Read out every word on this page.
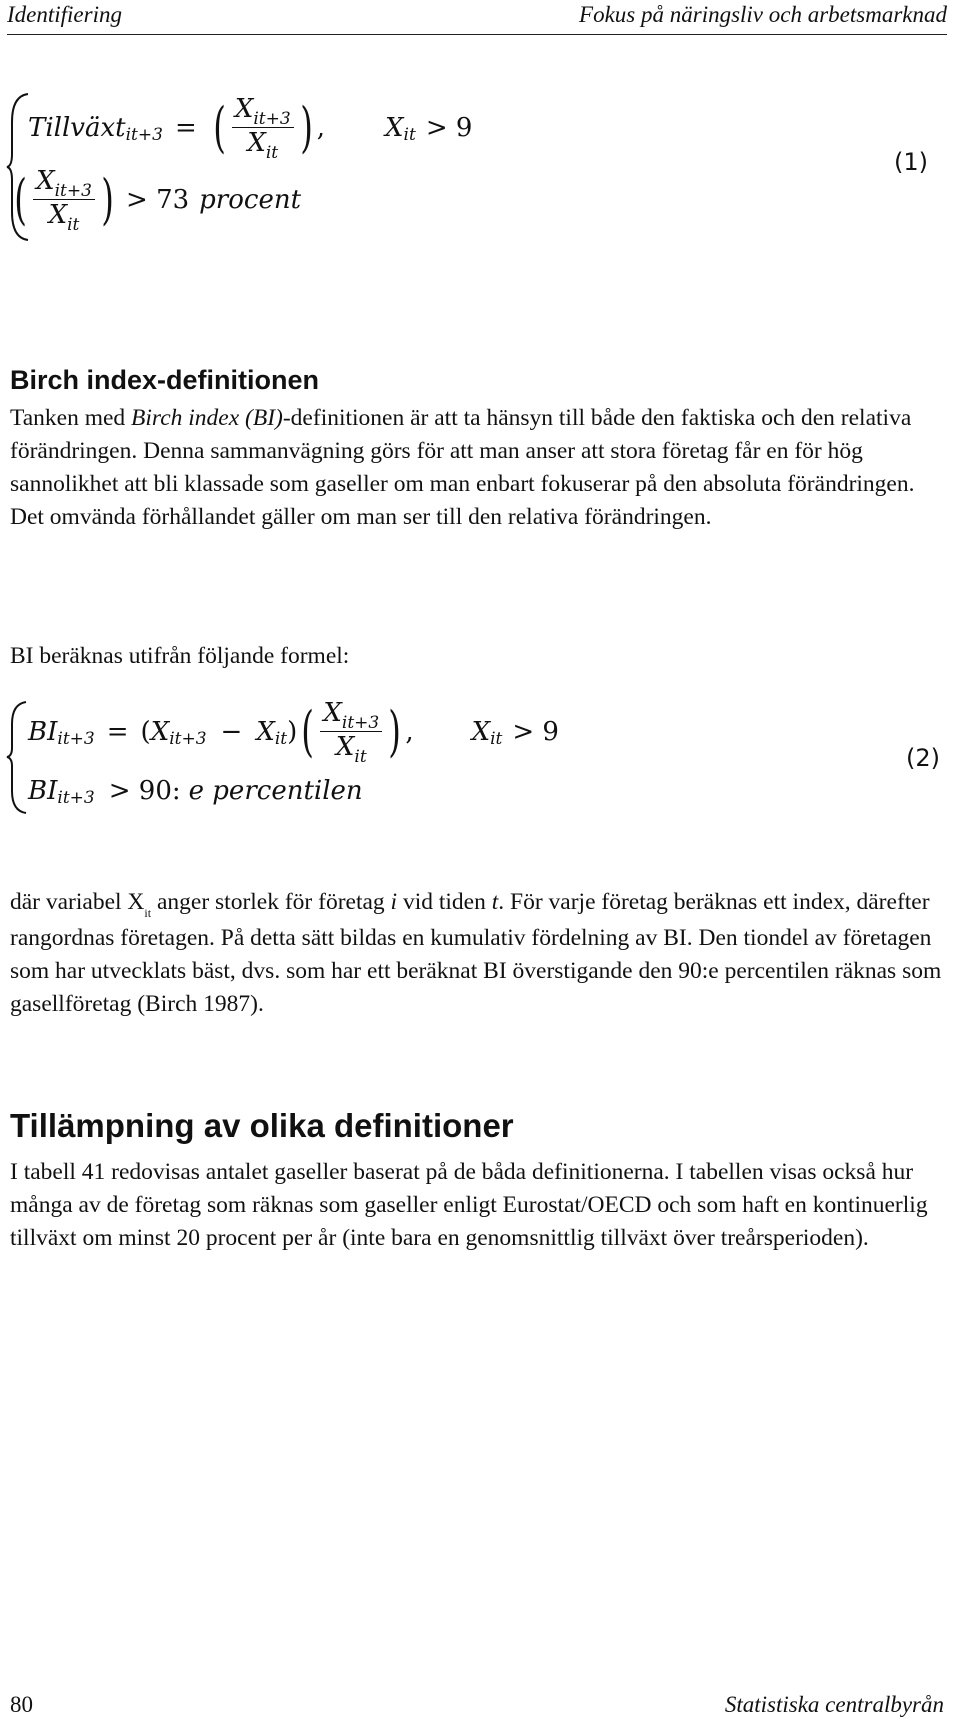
Identifiering	Fokus på näringsliv och arbetsmarknad
Tillväxt it+3 = ( $\frac{X_{it+3}}{X_{it}}$ ) , X it > 9
( $\frac{X_{it+3}}{X_{it}}$ ) > 73 procent
(1)
Birch index-definitionen

Tanken med Birch index (BI)-definitionen är att ta hänsyn till både den faktiska och den relativa förändringen. Denna sammanvägning görs för att man anser att stora företag får en för hög sannolikhet att bli klassade som gaseller om man enbart fokuserar på den absoluta förändringen. Det omvända förhållandet gäller om man ser till den relativa förändringen.

BI beräknas utifrån följande formel:

BI it+3 = ( X it+3 − X it ) ( $\frac{X_{it+3}}{X_{it}}$ ) , X it > 9
BI it+3 > 90: e percentilen
(2)

där variabel $X_{it}$ anger storlek för företag i vid tiden t. För varje företag beräknas ett index, därefter rangordnas företagen. På detta sätt bildas en kumulativ fördelning av BI. Den tiondel av företagen som har utvecklats bäst, dvs. som har ett beräknat BI överstigande den 90:e percentilen räknas som gasellföretag (Birch 1987).

Tillämpning av olika definitioner

I tabell 41 redovisas antalet gaseller baserat på de båda definitionerna. I tabellen visas också hur många av de företag som räknas som gaseller enligt Eurostat/OECD och som haft en kontinuerlig tillväxt om minst 20 procent per år (inte bara en genomsnittlig tillväxt över treårsperioden).

80	Statistiska centralbyrån
